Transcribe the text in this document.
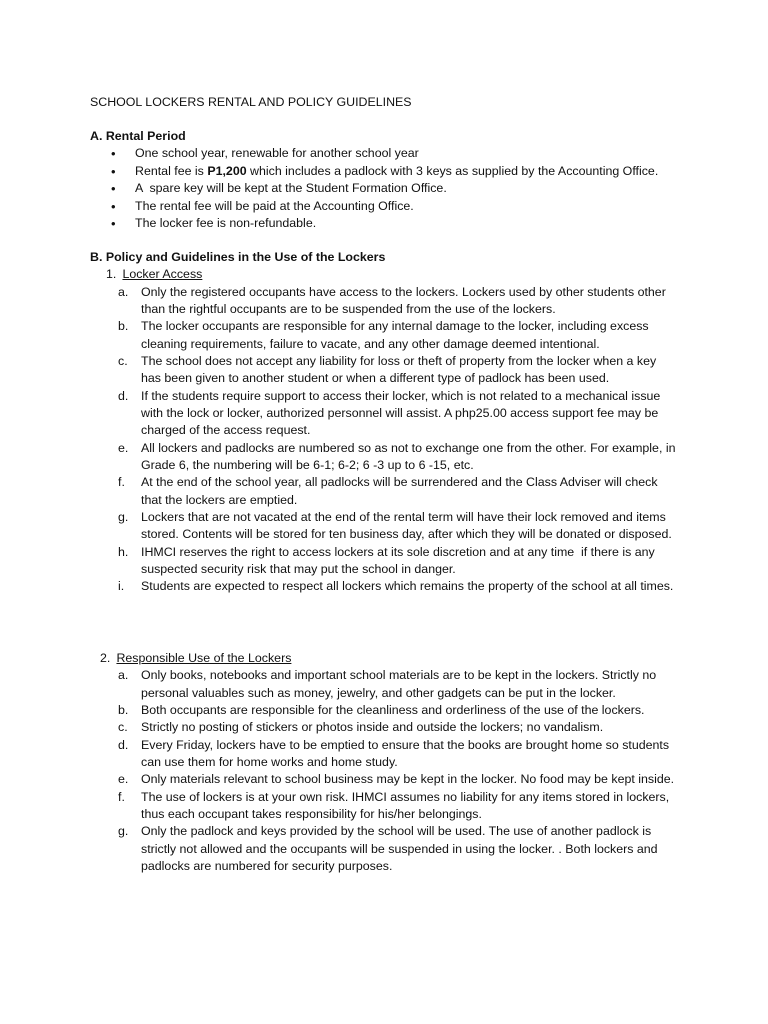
SCHOOL LOCKERS RENTAL AND POLICY GUIDELINES
A. Rental Period
• One school year, renewable for another school year
• Rental fee is P1,200 which includes a padlock with 3 keys as supplied by the Accounting Office.
• A  spare key will be kept at the Student Formation Office.
• The rental fee will be paid at the Accounting Office.
• The locker fee is non-refundable.
B. Policy and Guidelines in the Use of the Lockers
1. Locker Access
a. Only the registered occupants have access to the lockers. Lockers used by other students other than the rightful occupants are to be suspended from the use of the lockers.
b. The locker occupants are responsible for any internal damage to the locker, including excess cleaning requirements, failure to vacate, and any other damage deemed intentional.
c. The school does not accept any liability for loss or theft of property from the locker when a key has been given to another student or when a different type of padlock has been used.
d. If the students require support to access their locker, which is not related to a mechanical issue with the lock or locker, authorized personnel will assist. A php25.00 access support fee may be charged of the access request.
e. All lockers and padlocks are numbered so as not to exchange one from the other. For example, in Grade 6, the numbering will be 6-1; 6-2; 6 -3 up to 6 -15, etc.
f. At the end of the school year, all padlocks will be surrendered and the Class Adviser will check that the lockers are emptied.
g. Lockers that are not vacated at the end of the rental term will have their lock removed and items stored. Contents will be stored for ten business day, after which they will be donated or disposed.
h. IHMCI reserves the right to access lockers at its sole discretion and at any time  if there is any suspected security risk that may put the school in danger.
i. Students are expected to respect all lockers which remains the property of the school at all times.
2. Responsible Use of the Lockers
a. Only books, notebooks and important school materials are to be kept in the lockers. Strictly no personal valuables such as money, jewelry, and other gadgets can be put in the locker.
b. Both occupants are responsible for the cleanliness and orderliness of the use of the lockers.
c. Strictly no posting of stickers or photos inside and outside the lockers; no vandalism.
d. Every Friday, lockers have to be emptied to ensure that the books are brought home so students can use them for home works and home study.
e. Only materials relevant to school business may be kept in the locker. No food may be kept inside.
f. The use of lockers is at your own risk. IHMCI assumes no liability for any items stored in lockers, thus each occupant takes responsibility for his/her belongings.
g. Only the padlock and keys provided by the school will be used. The use of another padlock is strictly not allowed and the occupants will be suspended in using the locker. . Both lockers and padlocks are numbered for security purposes.
